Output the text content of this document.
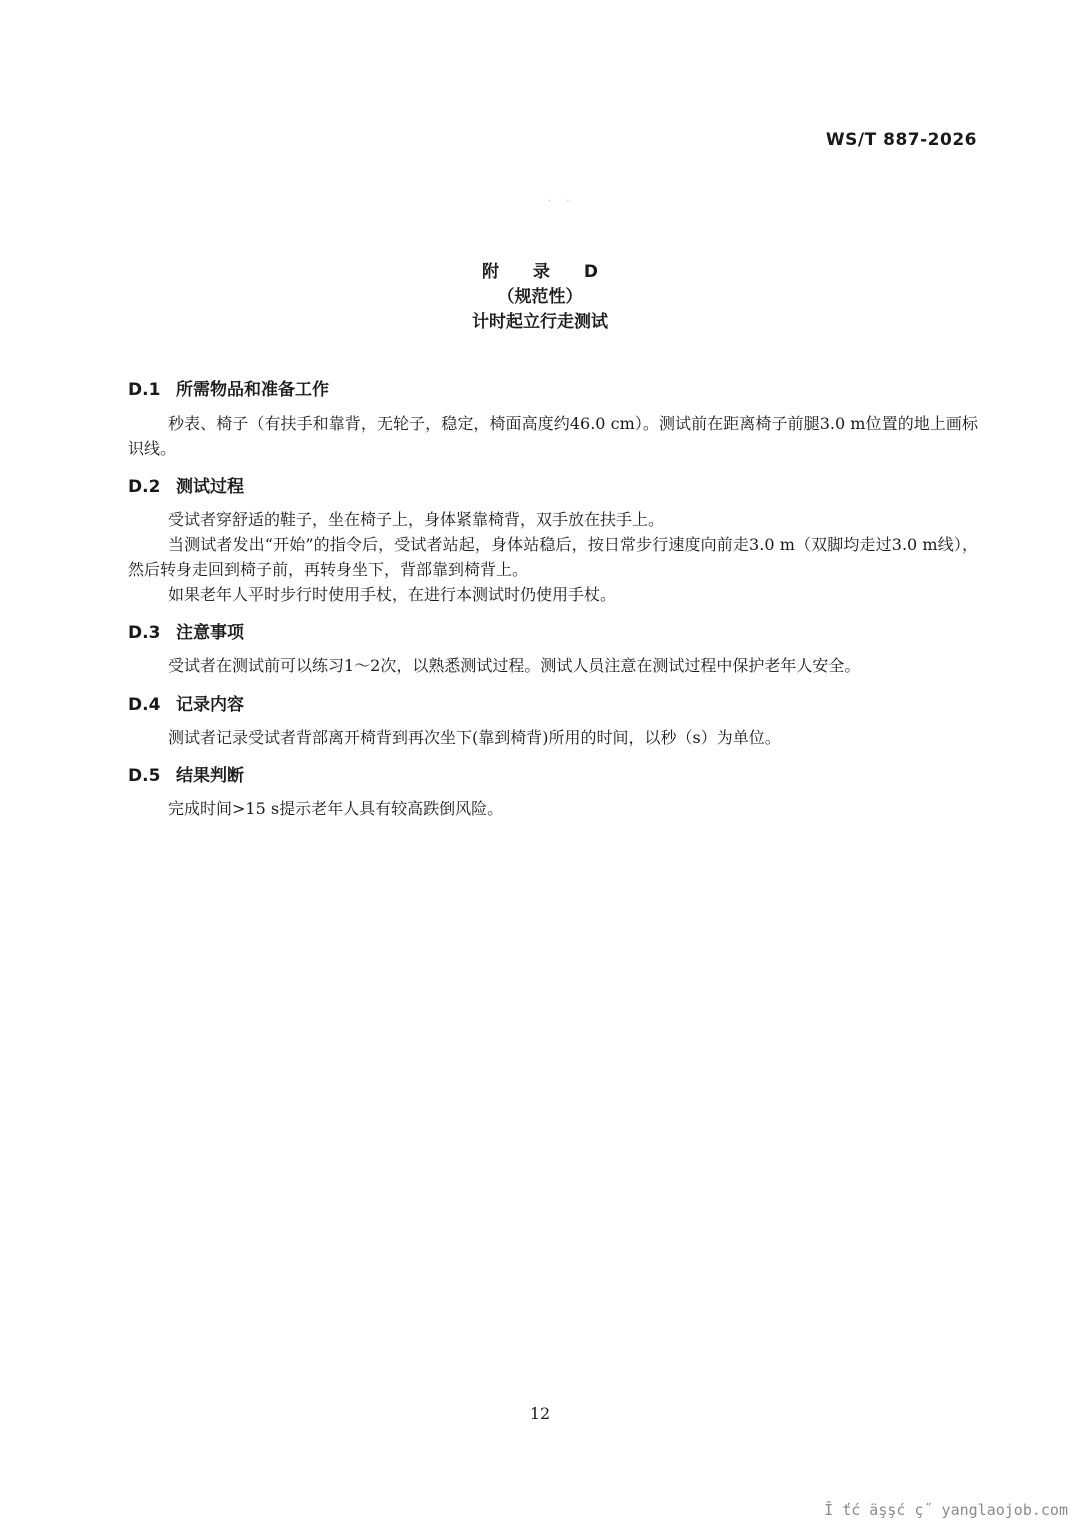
WS/T 887-2026
· ·
附 录 D
（规范性）
计时起立行走测试
D.1 所需物品和准备工作
秒表、椅子（有扶手和靠背，无轮子，稳定，椅面高度约46.0 cm）。测试前在距离椅子前腿3.0 m位置的地上画标识线。
D.2 测试过程
受试者穿舒适的鞋子，坐在椅子上，身体紧靠椅背，双手放在扶手上。
当测试者发出“开始”的指令后，受试者站起，身体站稳后，按日常步行速度向前走3.0 m（双脚均走过3.0 m线），然后转身走回到椅子前，再转身坐下，背部靠到椅背上。
如果老年人平时步行时使用手杖，在进行本测试时仍使用手杖。
D.3 注意事项
受试者在测试前可以练习1～2次，以熟悉测试过程。测试人员注意在测试过程中保护老年人安全。
D.4 记录内容
测试者记录受试者背部离开椅背到再次坐下(靠到椅背)所用的时间，以秒（s）为单位。
D.5 结果判断
完成时间>15 s提示老年人具有较高跌倒风险。
12
Î ťć äşşć ç˝ yanglaojob.com
